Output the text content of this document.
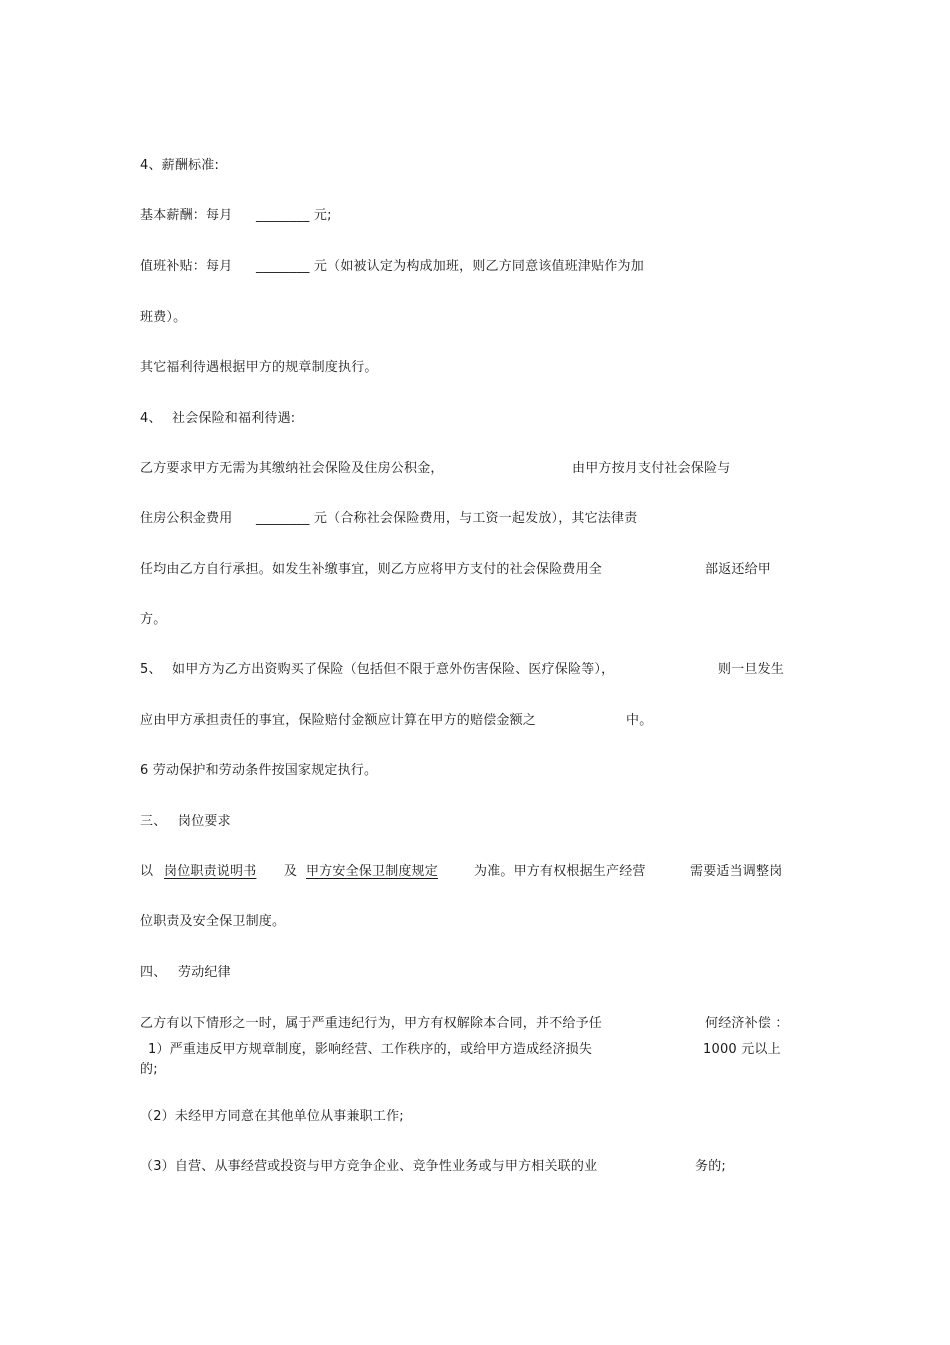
4、薪酬标准:
基本薪酬：每月 ________ 元;
值班补贴：每月 ________ 元（如被认定为构成加班，则乙方同意该值班津贴作为加
班费）。
其它福利待遇根据甲方的规章制度执行。
4、 社会保险和福利待遇:
乙方要求甲方无需为其缴纳社会保险及住房公积金，	由甲方按月支付社会保险与
住房公积金费用 ________ 元（合称社会保险费用，与工资一起发放），其它法律责
任均由乙方自行承担。如发生补缴事宜，则乙方应将甲方支付的社会保险费用全	部返还给甲
方。
5、 如甲方为乙方出资购买了保险（包括但不限于意外伤害保险、医疗保险等），	则一旦发生
应由甲方承担责任的事宜，保险赔付金额应计算在甲方的赔偿金额之	中。
6 劳动保护和劳动条件按国家规定执行。
三、 岗位要求
以 岗位职责说明书	及 甲方安全保卫制度规定	为准。甲方有权根据生产经营	需要适当调整岗
位职责及安全保卫制度。
四、 劳动纪律
乙方有以下情形之一时，属于严重违纪行为，甲方有权解除本合同，并不给予任	何经济补偿 ：
1）严重违反甲方规章制度，影响经营、工作秩序的，或给甲方造成经济损失	1000 元以上
的;
（2）未经甲方同意在其他单位从事兼职工作;
（3）自营、从事经营或投资与甲方竞争企业、竞争性业务或与甲方相关联的业	务的;
